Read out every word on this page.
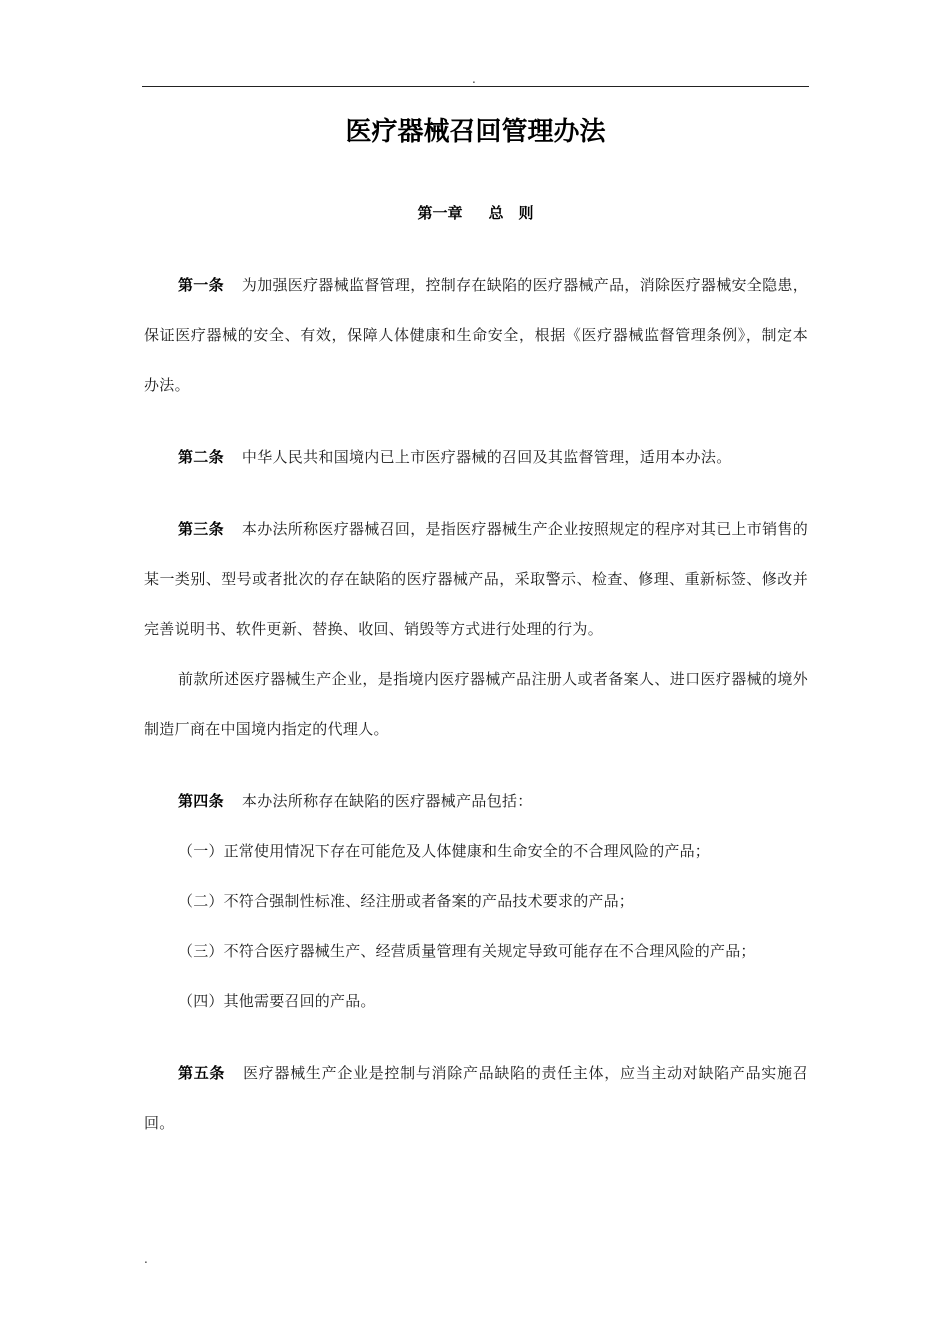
.
医疗器械召回管理办法
第一章 总　则

第一条 为加强医疗器械监督管理，控制存在缺陷的医疗器械产品，消除医疗器械安全隐患，保证医疗器械的安全、有效，保障人体健康和生命安全，根据《医疗器械监督管理条例》，制定本办法。

第二条 中华人民共和国境内已上市医疗器械的召回及其监督管理，适用本办法。

第三条 本办法所称医疗器械召回，是指医疗器械生产企业按照规定的程序对其已上市销售的某一类别、型号或者批次的存在缺陷的医疗器械产品，采取警示、检查、修理、重新标签、修改并完善说明书、软件更新、替换、收回、销毁等方式进行处理的行为。

前款所述医疗器械生产企业，是指境内医疗器械产品注册人或者备案人、进口医疗器械的境外制造厂商在中国境内指定的代理人。

第四条 本办法所称存在缺陷的医疗器械产品包括：

（一）正常使用情况下存在可能危及人体健康和生命安全的不合理风险的产品；

（二）不符合强制性标准、经注册或者备案的产品技术要求的产品；

（三）不符合医疗器械生产、经营质量管理有关规定导致可能存在不合理风险的产品；

（四）其他需要召回的产品。

第五条 医疗器械生产企业是控制与消除产品缺陷的责任主体，应当主动对缺陷产品实施召回。

.
